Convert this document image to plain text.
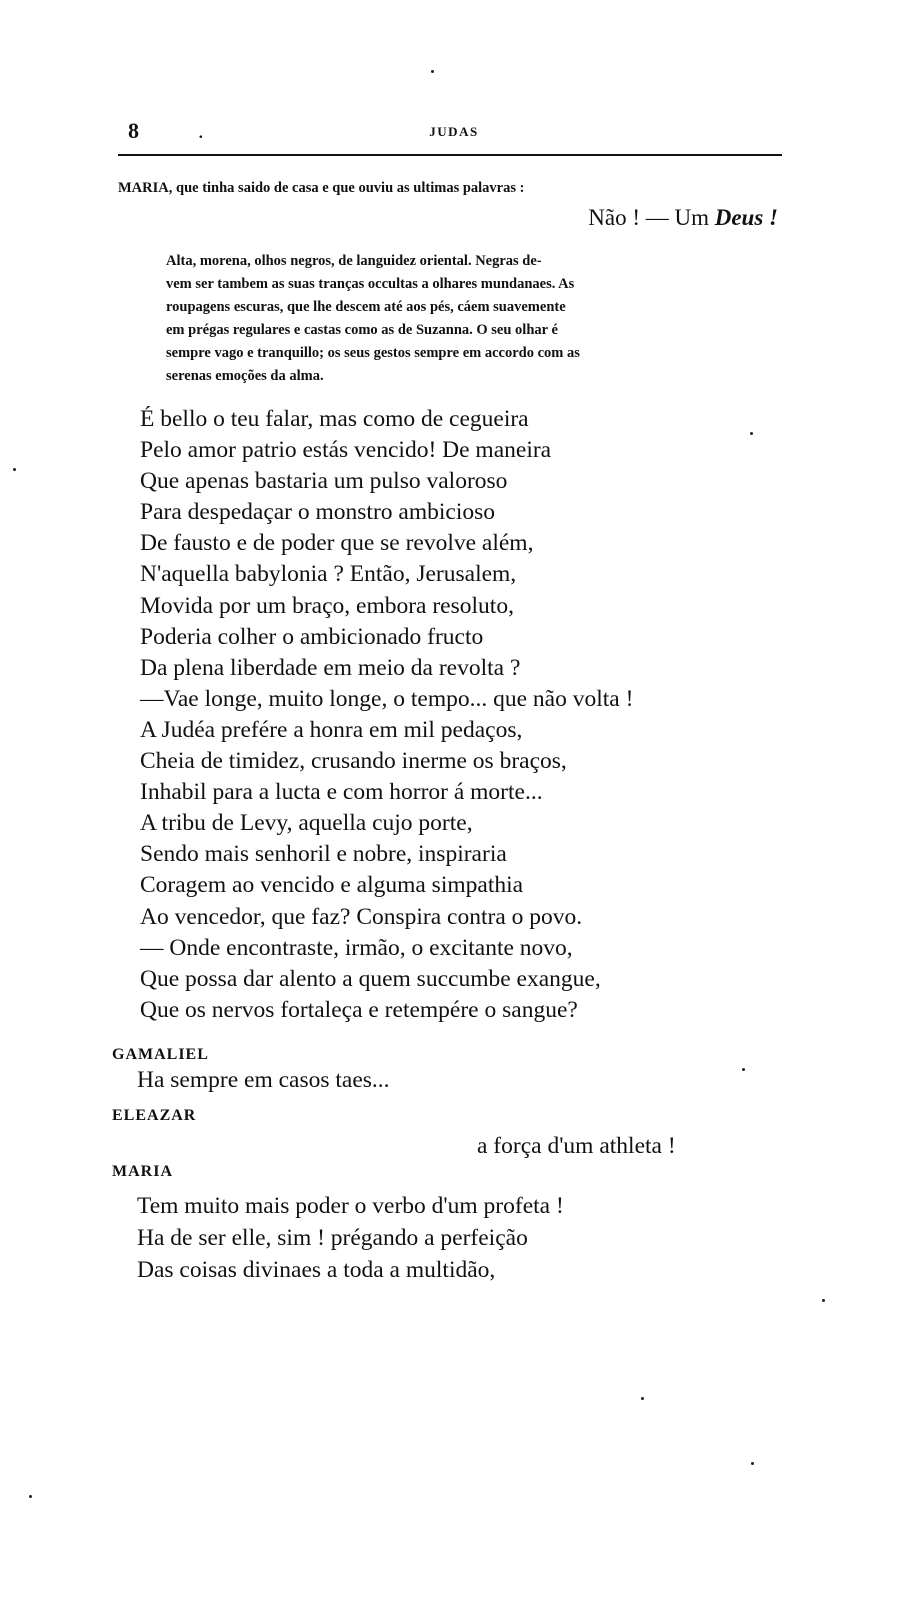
8	.	JUDAS
MARIA, que tinha saido de casa e que ouviu as ultimas palavras :
Não ! — Um Deus !
Alta, morena, olhos negros, de languidez oriental. Negras de-
vem ser tambem as suas tranças occultas a olhares mundanaes. As
roupagens escuras, que lhe descem até aos pés, cáem suavemente
em prégas regulares e castas como as de Suzanna. O seu olhar é
sempre vago e tranquillo; os seus gestos sempre em accordo com as
serenas emoções da alma.
É bello o teu falar, mas como de cegueira
Pelo amor patrio estás vencido! De maneira
Que apenas bastaria um pulso valoroso
Para despedaçar o monstro ambicioso
De fausto e de poder que se revolve além,
N'aquella babylonia ? Então, Jerusalem,
Movida por um braço, embora resoluto,
Poderia colher o ambicionado fructo
Da plena liberdade em meio da revolta ?
—Vae longe, muito longe, o tempo... que não volta !
A Judéa prefére a honra em mil pedaços,
Cheia de timidez, crusando inerme os braços,
Inhabil para a lucta e com horror á morte...
A tribu de Levy, aquella cujo porte,
Sendo mais senhoril e nobre, inspiraria
Coragem ao vencido e alguma simpathia
Ao vencedor, que faz? Conspira contra o povo.
— Onde encontraste, irmão, o excitante novo,
Que possa dar alento a quem succumbe exangue,
Que os nervos fortaleça e retempére o sangue?
GAMALIEL
Ha sempre em casos taes...
ELEAZAR
a força d'um athleta !
MARIA
Tem muito mais poder o verbo d'um profeta !
Ha de ser elle, sim ! prégando a perfeição
Das coisas divinaes a toda a multidão,
